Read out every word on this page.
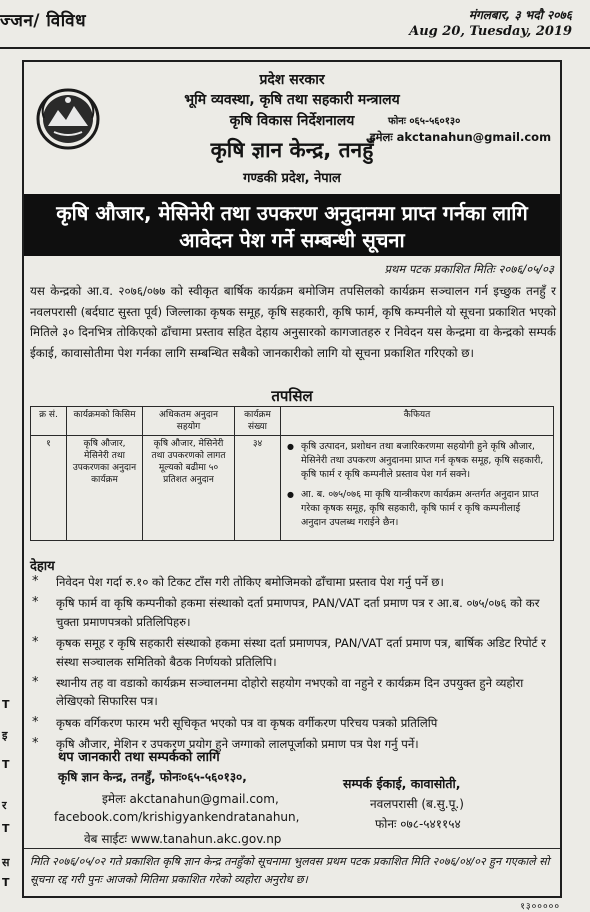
ज्जन/ विविध	मंगलबार, ३ भदौ २०७६
Aug 20, Tuesday, 2019
T
इ
T
र
T
स
T
प्रदेश सरकार
भूमि व्यवस्था, कृषि तथा सहकारी मन्त्रालय
कृषि विकास निर्देशनालय
कृषि ज्ञान केन्द्र, तनहुँ
गण्डकी प्रदेश, नेपाल
फोनः ०६५-५६०१३०
इमेलः akctanahun@gmail.com
कृषि औजार, मेसिनेरी तथा उपकरण अनुदानमा प्राप्त गर्नका लागि
आवेदन पेश गर्ने सम्बन्धी सूचना
प्रथम पटक प्रकाशित मितिः २०७६/०५/०३
यस केन्द्रको आ.व. २०७६/०७७ को स्वीकृत बार्षिक कार्यक्रम बमोजिम तपसिलको कार्यक्रम सञ्चालन गर्न इच्छुक तनहुँ र नवलपरासी (बर्दघाट सुस्ता पूर्व) जिल्लाका कृषक समूह, कृषि सहकारी, कृषि फार्म, कृषि कम्पनीले यो सूचना प्रकाशित भएको मितिले ३० दिनभित्र तोकिएको ढाँचामा प्रस्ताव सहित देहाय अनुसारको कागजातहरु र निवेदन यस केन्द्रमा वा केन्द्रको सम्पर्क ईकाई, कावासोतीमा पेश गर्नका लागि सम्बन्धित सबैको जानकारीको लागि यो सूचना प्रकाशित गरिएको छ।
तपसिल
क्र सं.	कार्यक्रमको किसिम	अधिकतम अनुदान सहयोग	कार्यक्रम संख्या	कैफियत
१	कृषि औजार, मेसिनेरी तथा उपकरणका अनुदान कार्यक्रम	कृषि औजार, मेसिनेरी तथा उपकरणको लागत मूल्यको बढीमा ५० प्रतिशत अनुदान	३४	● कृषि उत्पादन, प्रशोधन तथा बजारिकरणमा सहयोगी हुने कृषि औजार, मेसिनेरी तथा उपकरण अनुदानमा प्राप्त गर्न कृषक समूह, कृषि सहकारी, कृषि फार्म र कृषि कम्पनीले प्रस्ताव पेश गर्न सक्ने।
● आ. ब. ०७५/०७६ मा कृषि यान्त्रीकरण कार्यक्रम अन्तर्गत अनुदान प्राप्त गरेका कृषक समूह, कृषि सहकारी, कृषि फार्म र कृषि कम्पनीलाई अनुदान उपलब्ध गराईने छैन।
देहाय
* निवेदन पेश गर्दा रु.१० को टिकट टाँस गरी तोकिए बमोजिमको ढाँचामा प्रस्ताव पेश गर्नु पर्ने छ।
* कृषि फार्म वा कृषि कम्पनीको हकमा संस्थाको दर्ता प्रमाणपत्र, PAN/VAT दर्ता प्रमाण पत्र र आ.ब. ०७५/०७६ को कर चुक्ता प्रमाणपत्रको प्रतिलिपिहरु।
* कृषक समूह र कृषि सहकारी संस्थाको हकमा संस्था दर्ता प्रमाणपत्र, PAN/VAT दर्ता प्रमाण पत्र, बार्षिक अडिट रिपोर्ट र संस्था सञ्चालक समितिको बैठक निर्णयको प्रतिलिपि।
* स्थानीय तह वा वडाको कार्यक्रम सञ्चालनमा दोहोरो सहयोग नभएको वा नहुने र कार्यक्रम दिन उपयुक्त हुने व्यहोरा लेखिएको सिफारिस पत्र।
* कृषक वर्गिकरण फारम भरी सूचिकृत भएको पत्र वा कृषक वर्गीकरण परिचय पत्रको प्रतिलिपि
* कृषि औजार, मेशिन र उपकरण प्रयोग हुने जग्गाको लालपूर्जाको प्रमाण पत्र पेश गर्नु पर्ने।
थप जानकारी तथा सम्पर्कको लागि
कृषि ज्ञान केन्द्र, तनहुँ, फोनः०६५-५६०१३०,
इमेलः akctanahun@gmail.com,
facebook.com/krishigyankendratanahun,
वेब साईटः www.tanahun.akc.gov.np
सम्पर्क ईकाई, कावासोती,
नवलपरासी (ब.सु.पू.)
फोनः ०७८-५४११५४
मिति २०७६/०५/०२ गते प्रकाशित कृषि ज्ञान केन्द्र तनहुँको सूचनामा भुलवस प्रथम पटक प्रकाशित मिति २०७६/०४/०२ हुन गएकाले सो सूचना रद्द गरी पुनः आजको मितिमा प्रकाशित गरेको व्यहोरा अनुरोध छ।
१३०००००
